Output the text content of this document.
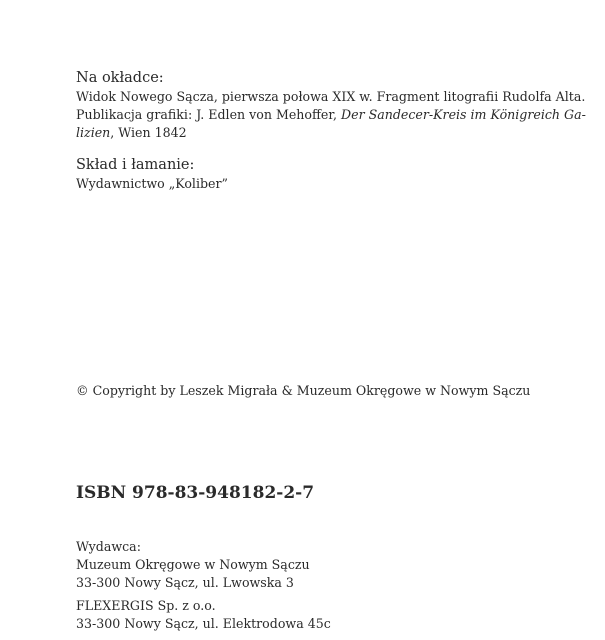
Na okładce:

Widok Nowego Sącza, pierwsza połowa XIX w. Fragment litografii Rudolfa Alta.

Publikacja grafiki: J. Edlen von Mehoffer, Der Sandecer-Kreis im Königreich Ga-

lizien, Wien 1842

Skład i łamanie:

Wydawnictwo „Koliber”

© Copyright by Leszek Migrała & Muzeum Okręgowe w Nowym Sączu

ISBN 978-83-948182-2-7

Wydawca:

Muzeum Okręgowe w Nowym Sączu

33-300 Nowy Sącz, ul. Lwowska 3

FLEXERGIS Sp. z o.o.

33-300 Nowy Sącz, ul. Elektrodowa 45c
